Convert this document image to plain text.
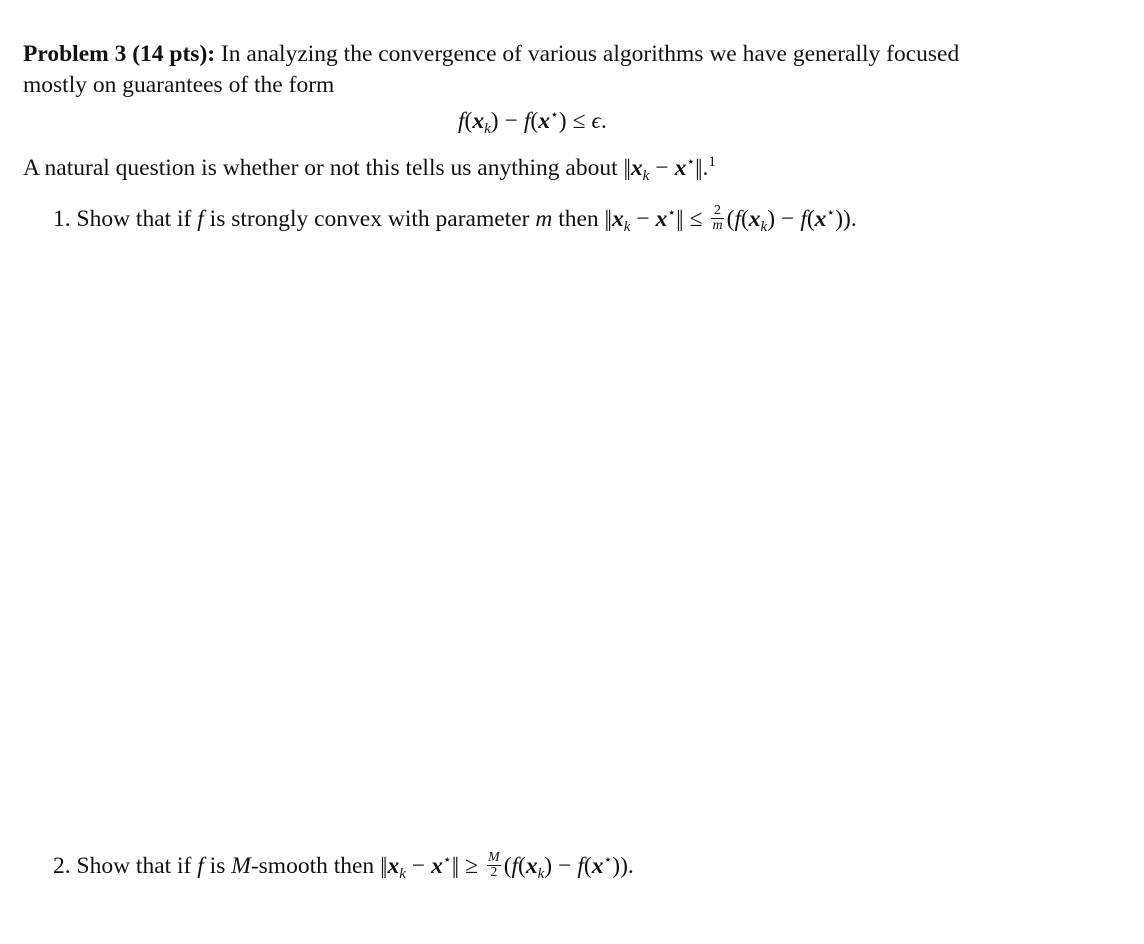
Problem 3 (14 pts): In analyzing the convergence of various algorithms we have generally focused
mostly on guarantees of the form
$f(x_k) - f(x^⋆) \le \epsilon$.
A natural question is whether or not this tells us anything about $||x_k - x^⋆||.^1$
1. Show that if f is strongly convex with parameter m then $||x_k - x^⋆|| \le \frac{2}{m} (f(x_k) - f(x^⋆))$.
2. Show that if f is M-smooth then $||x_k - x^⋆|| \ge \frac{M}{2} (f(x_k) - f(x^⋆))$.
